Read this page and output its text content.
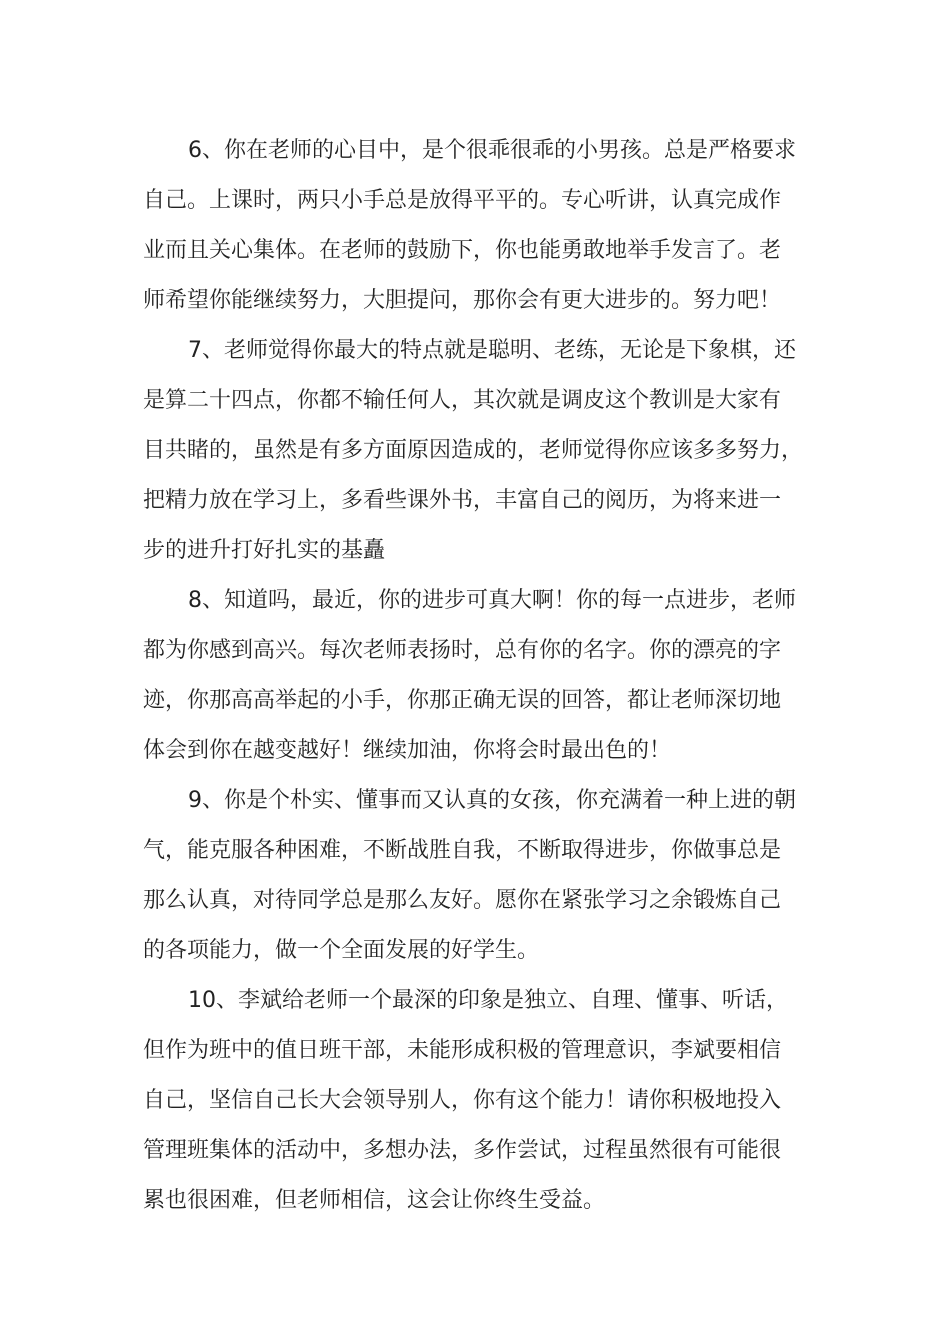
6、你在老师的心目中，是个很乖很乖的小男孩。总是严格要求
自己。上课时，两只小手总是放得平平的。专心听讲，认真完成作
业而且关心集体。在老师的鼓励下，你也能勇敢地举手发言了。老
师希望你能继续努力，大胆提问，那你会有更大进步的。努力吧！
7、老师觉得你最大的特点就是聪明、老练，无论是下象棋，还
是算二十四点，你都不输任何人，其次就是调皮这个教训是大家有
目共睹的，虽然是有多方面原因造成的，老师觉得你应该多多努力，
把精力放在学习上，多看些课外书，丰富自己的阅历，为将来进一
步的进升打好扎实的基矗
8、知道吗，最近，你的进步可真大啊！你的每一点进步，老师
都为你感到高兴。每次老师表扬时，总有你的名字。你的漂亮的字
迹，你那高高举起的小手，你那正确无误的回答，都让老师深切地
体会到你在越变越好！继续加油，你将会时最出色的！
9、你是个朴实、懂事而又认真的女孩，你充满着一种上进的朝
气，能克服各种困难，不断战胜自我，不断取得进步，你做事总是
那么认真，对待同学总是那么友好。愿你在紧张学习之余锻炼自己
的各项能力，做一个全面发展的好学生。
10、李斌给老师一个最深的印象是独立、自理、懂事、听话，
但作为班中的值日班干部，未能形成积极的管理意识，李斌要相信
自己，坚信自己长大会领导别人，你有这个能力！请你积极地投入
管理班集体的活动中，多想办法，多作尝试，过程虽然很有可能很
累也很困难，但老师相信，这会让你终生受益。
